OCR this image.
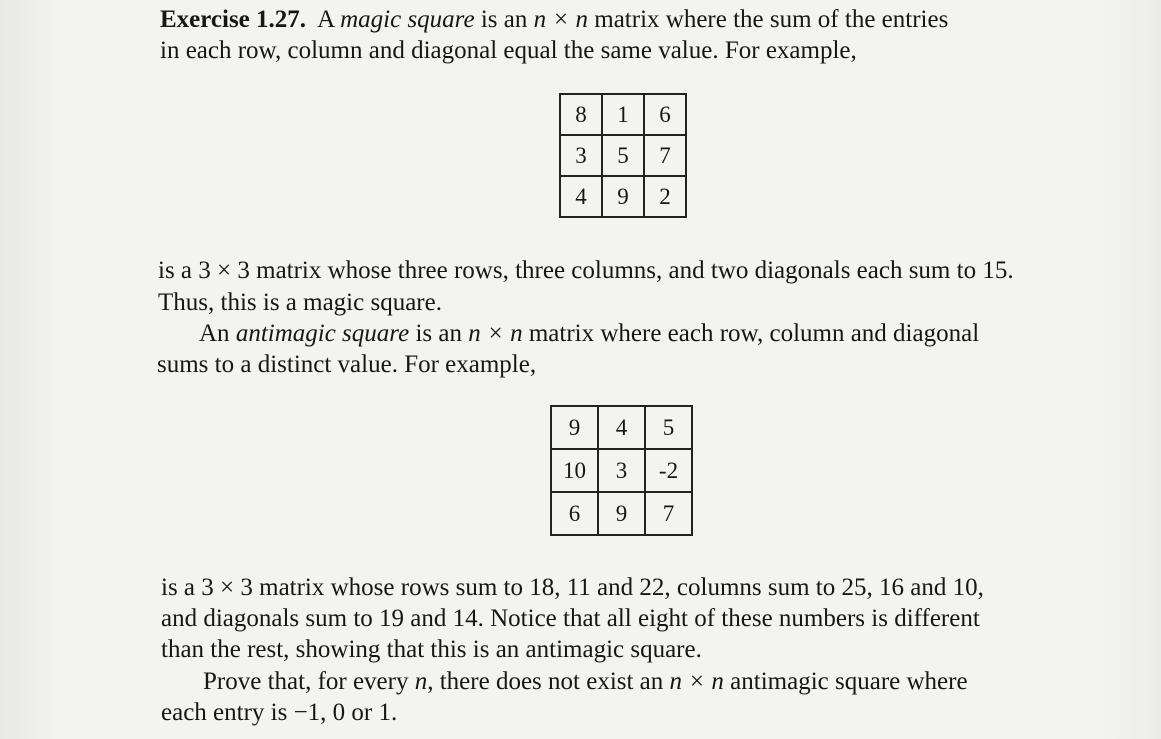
Exercise 1.27. A magic square is an n × n matrix where the sum of the entries
in each row, column and diagonal equal the same value. For example,
8	1	6
3	5	7
4	9	2
is a 3 × 3 matrix whose three rows, three columns, and two diagonals each sum to 15.
Thus, this is a magic square.
An antimagic square is an n × n matrix where each row, column and diagonal
sums to a distinct value. For example,
9	4	5
10	3	-2
6	9	7
is a 3 × 3 matrix whose rows sum to 18, 11 and 22, columns sum to 25, 16 and 10,
and diagonals sum to 19 and 14. Notice that all eight of these numbers is different
than the rest, showing that this is an antimagic square.
Prove that, for every n, there does not exist an n × n antimagic square where
each entry is −1, 0 or 1.
